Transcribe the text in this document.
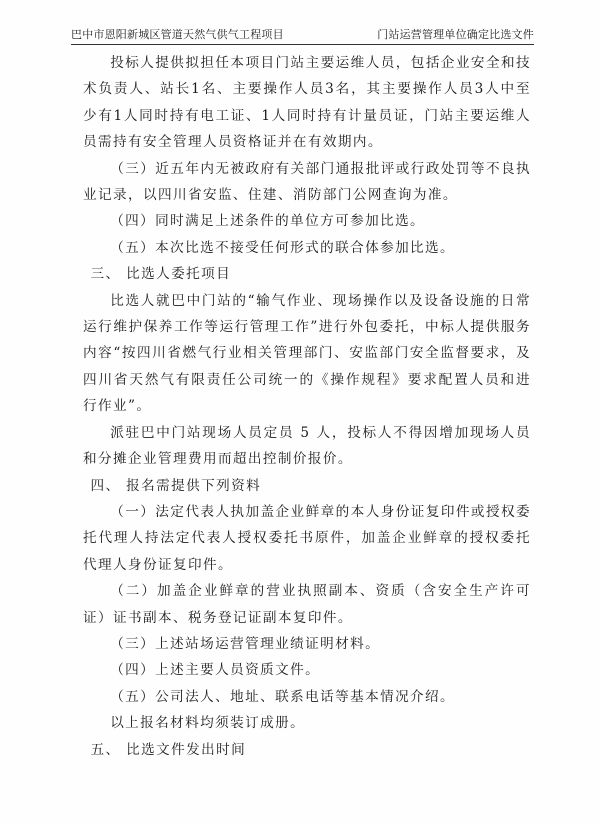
巴中市恩阳新城区管道天然气供气工程项目	门站运营管理单位确定比选文件

投标人提供拟担任本项目门站主要运维人员，包括企业安全和技术负责人、站长1名、主要操作人员3名，其主要操作人员3人中至少有1人同时持有电工证、1人同时持有计量员证，门站主要运维人员需持有安全管理人员资格证并在有效期内。

（三）近五年内无被政府有关部门通报批评或行政处罚等不良执业记录，以四川省安监、住建、消防部门公网查询为准。

（四）同时满足上述条件的单位方可参加比选。

（五）本次比选不接受任何形式的联合体参加比选。

三、 比选人委托项目

比选人就巴中门站的“输气作业、现场操作以及设备设施的日常运行维护保养工作等运行管理工作”进行外包委托，中标人提供服务内容“按四川省燃气行业相关管理部门、安监部门安全监督要求，及四川省天然气有限责任公司统一的《操作规程》要求配置人员和进行作业”。

派驻巴中门站现场人员定员 5 人，投标人不得因增加现场人员和分摊企业管理费用而超出控制价报价。

四、 报名需提供下列资料

（一）法定代表人执加盖企业鲜章的本人身份证复印件或授权委托代理人持法定代表人授权委托书原件，加盖企业鲜章的授权委托代理人身份证复印件。

（二）加盖企业鲜章的营业执照副本、资质（含安全生产许可证）证书副本、税务登记证副本复印件。

（三）上述站场运营管理业绩证明材料。

（四）上述主要人员资质文件。

（五）公司法人、地址、联系电话等基本情况介绍。

以上报名材料均须装订成册。

五、 比选文件发出时间
